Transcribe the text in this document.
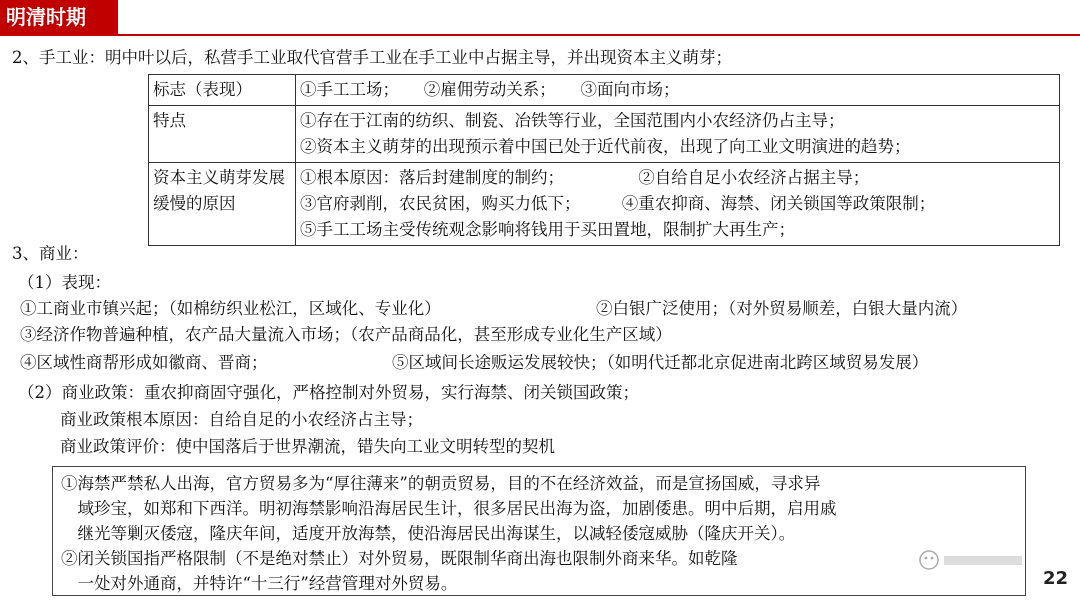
明清时期
2、手工业：明中叶以后，私营手工业取代官营手工业在手工业中占据主导，并出现资本主义萌芽；
标志（表现）	①手工工场；　　②雇佣劳动关系；　　③面向市场；

特点	①存在于江南的纺织、制瓷、冶铁等行业，全国范围内小农经济仍占主导；
②资本主义萌芽的出现预示着中国已处于近代前夜，出现了向工业文明演进的趋势；

资本主义萌芽发展缓慢的原因	①根本原因：落后封建制度的制约；　　　　　②自给自足小农经济占据主导；
③官府剥削，农民贫困，购买力低下；　　　④重农抑商、海禁、闭关锁国等政策限制；
⑤手工工场主受传统观念影响将钱用于买田置地，限制扩大再生产；
3、商业：
（1）表现：
①工商业市镇兴起；（如棉纺织业松江，区域化、专业化）	②白银广泛使用；（对外贸易顺差，白银大量内流）
③经济作物普遍种植，农产品大量流入市场；（农产品商品化，甚至形成专业化生产区域）
④区域性商帮形成如徽商、晋商；	⑤区域间长途贩运发展较快；（如明代迁都北京促进南北跨区域贸易发展）
（2）商业政策：重农抑商固守强化，严格控制对外贸易，实行海禁、闭关锁国政策；
商业政策根本原因：自给自足的小农经济占主导；
商业政策评价：使中国落后于世界潮流，错失向工业文明转型的契机
①海禁严禁私人出海，官方贸易多为“厚往薄来”的朝贡贸易，目的不在经济效益，而是宣扬国威，寻求异
　域珍宝，如郑和下西洋。明初海禁影响沿海居民生计，很多居民出海为盗，加剧倭患。明中后期，启用戚
　继光等剿灭倭寇，隆庆年间，适度开放海禁，使沿海居民出海谋生，以减轻倭寇威胁（隆庆开关）。
②闭关锁国指严格限制（不是绝对禁止）对外贸易，既限制华商出海也限制外商来华。如乾隆
　一处对外通商，并特许“十三行”经营管理对外贸易。	22
